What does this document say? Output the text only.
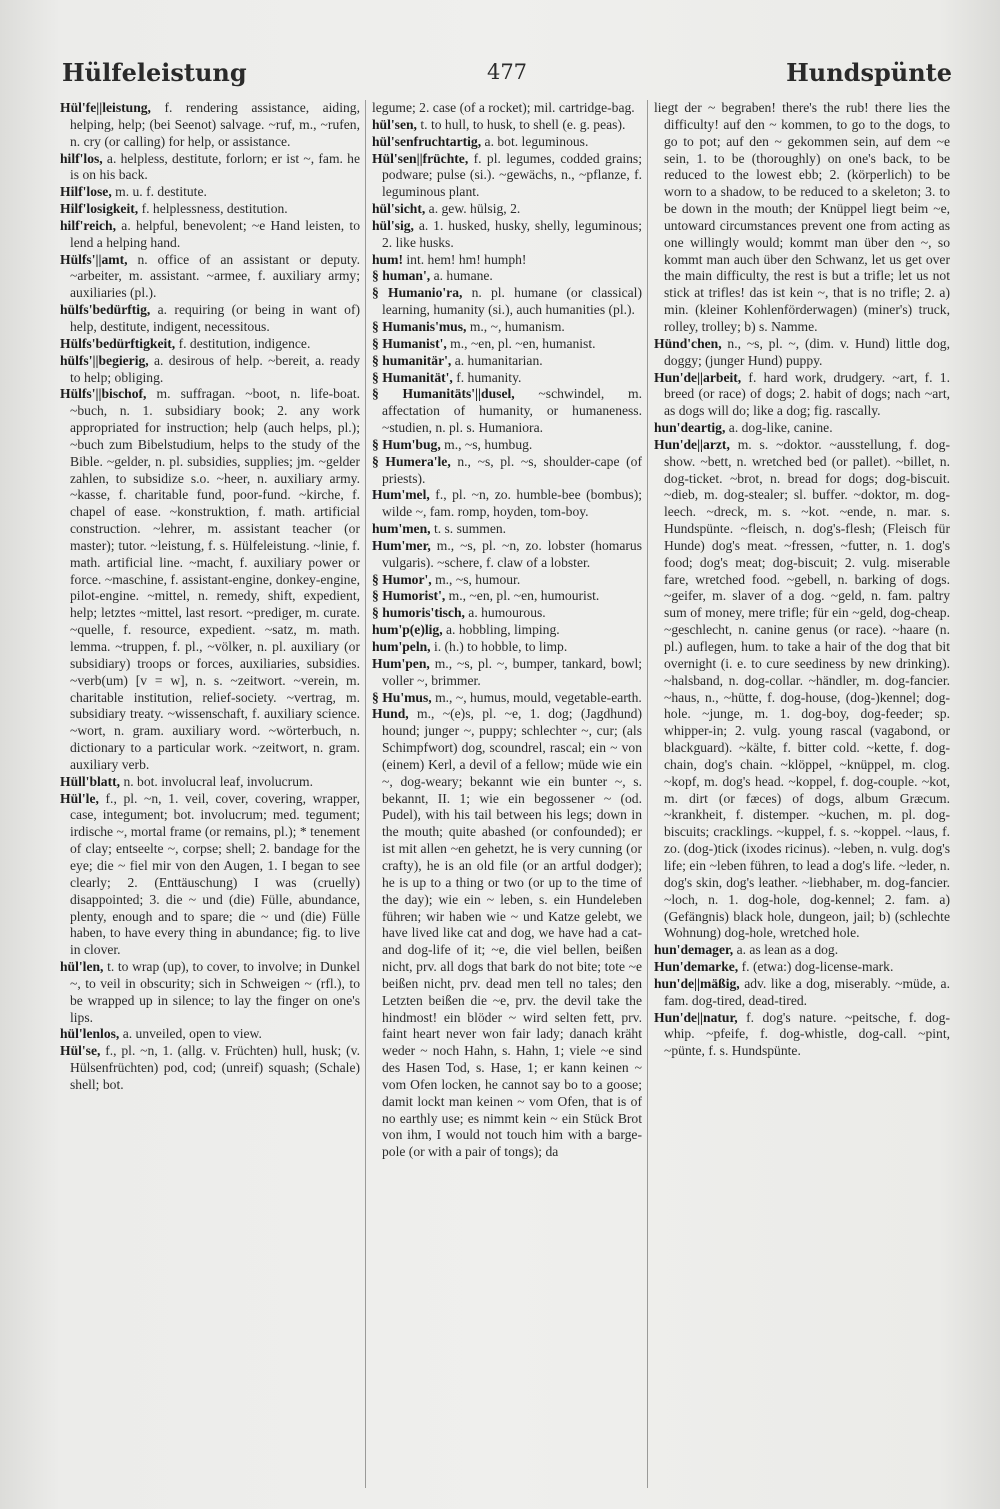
Hülfeleistung	477	Hundspünte

Hül'fe||leistung, f. rendering assistance, aiding, helping, help; (bei Seenot) salvage. ~ruf, m., ~rufen, n. cry (or calling) for help, or assistance.

hilf'los, a. helpless, destitute, forlorn; er ist ~, fam. he is on his back.

Hilf'lose, m. u. f. destitute.

Hilf'losigkeit, f. helplessness, destitution.

hilf'reich, a. helpful, benevolent; ~e Hand leisten, to lend a helping hand.

Hülfs'||amt, n. office of an assistant or deputy. ~arbeiter, m. assistant. ~armee, f. auxiliary army; auxiliaries (pl.).

hülfs'bedürftig, a. requiring (or being in want of) help, destitute, indigent, necessitous.

Hülfs'bedürftigkeit, f. destitution, indigence.

hülfs'||begierig, a. desirous of help. ~bereit, a. ready to help; obliging.

Hülfs'||bischof, m. suffragan. ~boot, n. life-boat. ~buch, n. 1. subsidiary book; 2. any work appropriated for instruction; help (auch helps, pl.); ~buch zum Bibelstudium, helps to the study of the Bible. ~gelder, n. pl. subsidies, supplies; jm. ~gelder zahlen, to subsidize s.o. ~heer, n. auxiliary army. ~kasse, f. charitable fund, poor-fund. ~kirche, f. chapel of ease. ~konstruktion, f. math. artificial construction. ~lehrer, m. assistant teacher (or master); tutor. ~leistung, f. s. Hülfeleistung. ~linie, f. math. artificial line. ~macht, f. auxiliary power or force. ~maschine, f. assistant-engine, donkey-engine, pilot-engine. ~mittel, n. remedy, shift, expedient, help; letztes ~mittel, last resort. ~prediger, m. curate. ~quelle, f. resource, expedient. ~satz, m. math. lemma. ~truppen, f. pl., ~völker, n. pl. auxiliary (or subsidiary) troops or forces, auxiliaries, subsidies. ~verb(um) [v = w], n. s. ~zeitwort. ~verein, m. charitable institution, relief-society. ~vertrag, m. subsidiary treaty. ~wissenschaft, f. auxiliary science. ~wort, n. gram. auxiliary word. ~wörterbuch, n. dictionary to a particular work. ~zeitwort, n. gram. auxiliary verb.

Hüll'blatt, n. bot. involucral leaf, involucrum.

Hül'le, f., pl. ~n, 1. veil, cover, covering, wrapper, case, integument; bot. involucrum; med. tegument; irdische ~, mortal frame (or remains, pl.); * tenement of clay; entseelte ~, corpse; shell; 2. bandage for the eye; die ~ fiel mir von den Augen, 1. I began to see clearly; 2. (Enttäuschung) I was (cruelly) disappointed; 3. die ~ und (die) Fülle, abundance, plenty, enough and to spare; die ~ und (die) Fülle haben, to have every thing in abundance; fig. to live in clover.

hül'len, t. to wrap (up), to cover, to involve; in Dunkel ~, to veil in obscurity; sich in Schweigen ~ (rfl.), to be wrapped up in silence; to lay the finger on one's lips.

hül'lenlos, a. unveiled, open to view.

Hül'se, f., pl. ~n, 1. (allg. v. Früchten) hull, husk; (v. Hülsenfrüchten) pod, cod; (unreif) squash; (Schale) shell; bot.

legume; 2. case (of a rocket); mil. cartridge-bag.

hül'sen, t. to hull, to husk, to shell (e. g. peas).

hül'senfruchtartig, a. bot. leguminous.

Hül'sen||früchte, f. pl. legumes, codded grains; podware; pulse (si.). ~gewächs, n., ~pflanze, f. leguminous plant.

hül'sicht, a. gew. hülsig, 2.

hül'sig, a. 1. husked, husky, shelly, leguminous; 2. like husks.

hum! int. hem! hm! humph!

§ human', a. humane.

§ Humanio'ra, n. pl. humane (or classical) learning, humanity (si.), auch humanities (pl.).

§ Humanis'mus, m., ~, humanism.

§ Humanist', m., ~en, pl. ~en, humanist.

§ humanitär', a. humanitarian.

§ Humanität', f. humanity.

§ Humanitäts'||dusel, ~schwindel, m. affectation of humanity, or humaneness. ~studien, n. pl. s. Humaniora.

§ Hum'bug, m., ~s, humbug.

§ Humera'le, n., ~s, pl. ~s, shoulder-cape (of priests).

Hum'mel, f., pl. ~n, zo. humble-bee (bombus); wilde ~, fam. romp, hoyden, tom-boy.

hum'men, t. s. summen.

Hum'mer, m., ~s, pl. ~n, zo. lobster (homarus vulgaris). ~schere, f. claw of a lobster.

§ Humor', m., ~s, humour.

§ Humorist', m., ~en, pl. ~en, humourist.

§ humoris'tisch, a. humourous.

hum'p(e)lig, a. hobbling, limping.

hum'peln, i. (h.) to hobble, to limp.

Hum'pen, m., ~s, pl. ~, bumper, tankard, bowl; voller ~, brimmer.

§ Hu'mus, m., ~, humus, mould, vegetable-earth.

Hund, m., ~(e)s, pl. ~e, 1. dog; (Jagdhund) hound; junger ~, puppy; schlechter ~, cur; (als Schimpfwort) dog, scoundrel, rascal; ein ~ von (einem) Kerl, a devil of a fellow; müde wie ein ~, dog-weary; bekannt wie ein bunter ~, s. bekannt, II. 1; wie ein begossener ~ (od. Pudel), with his tail between his legs; down in the mouth; quite abashed (or confounded); er ist mit allen ~en gehetzt, he is very cunning (or crafty), he is an old file (or an artful dodger); he is up to a thing or two (or up to the time of the day); wie ein ~ leben, s. ein Hundeleben führen; wir haben wie ~ und Katze gelebt, we have lived like cat and dog, we have had a cat- and dog-life of it; ~e, die viel bellen, beißen nicht, prv. all dogs that bark do not bite; tote ~e beißen nicht, prv. dead men tell no tales; den Letzten beißen die ~e, prv. the devil take the hindmost! ein blöder ~ wird selten fett, prv. faint heart never won fair lady; danach kräht weder ~ noch Hahn, s. Hahn, 1; viele ~e sind des Hasen Tod, s. Hase, 1; er kann keinen ~ vom Ofen locken, he cannot say bo to a goose; damit lockt man keinen ~ vom Ofen, that is of no earthly use; es nimmt kein ~ ein Stück Brot von ihm, I would not touch him with a barge-pole (or with a pair of tongs); da

liegt der ~ begraben! there's the rub! there lies the difficulty! auf den ~ kommen, to go to the dogs, to go to pot; auf den ~ gekommen sein, auf dem ~e sein, 1. to be (thoroughly) on one's back, to be reduced to the lowest ebb; 2. (körperlich) to be worn to a shadow, to be reduced to a skeleton; 3. to be down in the mouth; der Knüppel liegt beim ~e, untoward circumstances prevent one from acting as one willingly would; kommt man über den ~, so kommt man auch über den Schwanz, let us get over the main difficulty, the rest is but a trifle; let us not stick at trifles! das ist kein ~, that is no trifle; 2. a) min. (kleiner Kohlenförderwagen) (miner's) truck, rolley, trolley; b) s. Namme.

Hünd'chen, n., ~s, pl. ~, (dim. v. Hund) little dog, doggy; (junger Hund) puppy.

Hun'de||arbeit, f. hard work, drudgery. ~art, f. 1. breed (or race) of dogs; 2. habit of dogs; nach ~art, as dogs will do; like a dog; fig. rascally.

hun'deartig, a. dog-like, canine.

Hun'de||arzt, m. s. ~doktor. ~ausstellung, f. dog-show. ~bett, n. wretched bed (or pallet). ~billet, n. dog-ticket. ~brot, n. bread for dogs; dog-biscuit. ~dieb, m. dog-stealer; sl. buffer. ~doktor, m. dog-leech. ~dreck, m. s. ~kot. ~ende, n. mar. s. Hundspünte. ~fleisch, n. dog's-flesh; (Fleisch für Hunde) dog's meat. ~fressen, ~futter, n. 1. dog's food; dog's meat; dog-biscuit; 2. vulg. miserable fare, wretched food. ~gebell, n. barking of dogs. ~geifer, m. slaver of a dog. ~geld, n. fam. paltry sum of money, mere trifle; für ein ~geld, dog-cheap. ~geschlecht, n. canine genus (or race). ~haare (n. pl.) auflegen, hum. to take a hair of the dog that bit overnight (i. e. to cure seediness by new drinking). ~halsband, n. dog-collar. ~händler, m. dog-fancier. ~haus, n., ~hütte, f. dog-house, (dog-)kennel; dog-hole. ~junge, m. 1. dog-boy, dog-feeder; sp. whipper-in; 2. vulg. young rascal (vagabond, or blackguard). ~kälte, f. bitter cold. ~kette, f. dog-chain, dog's chain. ~klöppel, ~knüppel, m. clog. ~kopf, m. dog's head. ~koppel, f. dog-couple. ~kot, m. dirt (or fæces) of dogs, album Græcum. ~krankheit, f. distemper. ~kuchen, m. pl. dog-biscuits; cracklings. ~kuppel, f. s. ~koppel. ~laus, f. zo. (dog-)tick (ixodes ricinus). ~leben, n. vulg. dog's life; ein ~leben führen, to lead a dog's life. ~leder, n. dog's skin, dog's leather. ~liebhaber, m. dog-fancier. ~loch, n. 1. dog-hole, dog-kennel; 2. fam. a) (Gefängnis) black hole, dungeon, jail; b) (schlechte Wohnung) dog-hole, wretched hole.

hun'demager, a. as lean as a dog.

Hun'demarke, f. (etwa:) dog-license-mark.

hun'de||mäßig, adv. like a dog, miserably. ~müde, a. fam. dog-tired, dead-tired.

Hun'de||natur, f. dog's nature. ~peitsche, f. dog-whip. ~pfeife, f. dog-whistle, dog-call. ~pint, ~pünte, f. s. Hundspünte.
